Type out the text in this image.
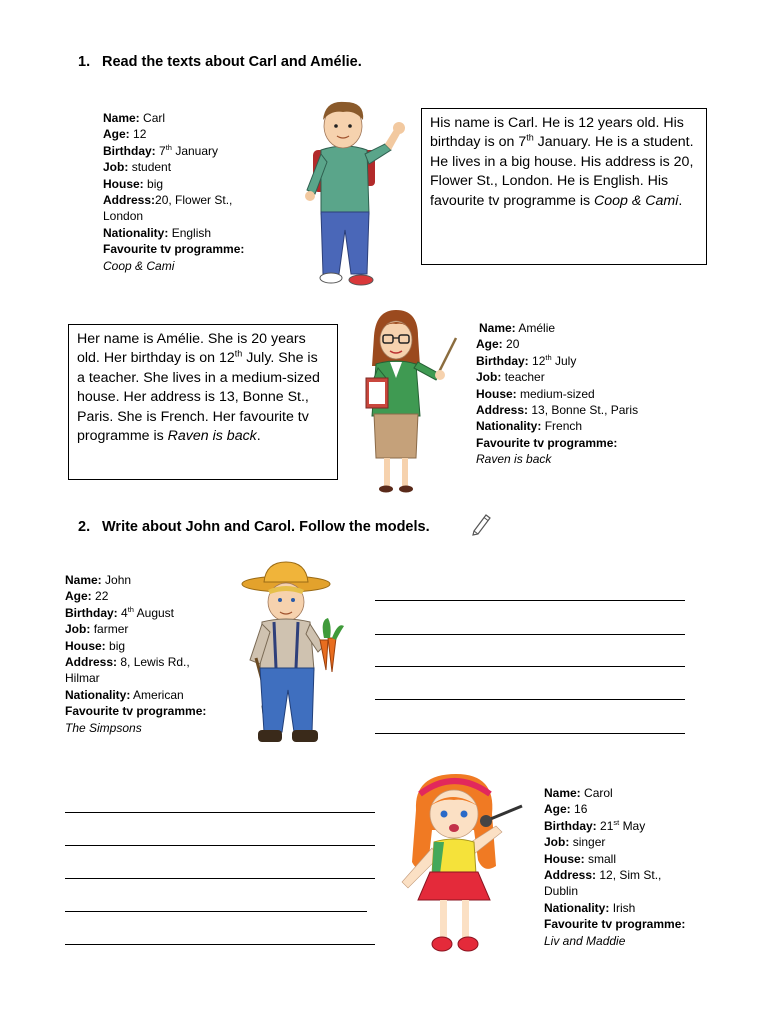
1. Read the texts about Carl and Amélie.
Name: Carl
Age: 12
Birthday: 7th January
Job: student
House: big
Address:20, Flower St.,
London
Nationality: English
Favourite tv programme:
Coop & Cami
His name is Carl. He is 12 years old. His birthday is on 7th January. He is a student. He lives in a big house. His address is 20, Flower St., London. He is English. His favourite tv programme is Coop & Cami.
Her name is Amélie. She is 20 years old. Her birthday is on 12th July. She is a teacher. She lives in a medium-sized house. Her address is 13, Bonne St., Paris. She is French. Her favourite tv programme is Raven is back.
Name: Amélie
Age: 20
Birthday: 12th July
Job: teacher
House: medium-sized
Address: 13, Bonne St., Paris
Nationality: French
Favourite tv programme:
Raven is back
2. Write about John and Carol. Follow the models.
Name: John
Age: 22
Birthday: 4th August
Job: farmer
House: big
Address: 8, Lewis Rd.,
Hilmar
Nationality: American
Favourite tv programme:
The Simpsons
Name: Carol
Age: 16
Birthday: 21st May
Job: singer
House: small
Address: 12, Sim St.,
Dublin
Nationality: Irish
Favourite tv programme:
Liv and Maddie
